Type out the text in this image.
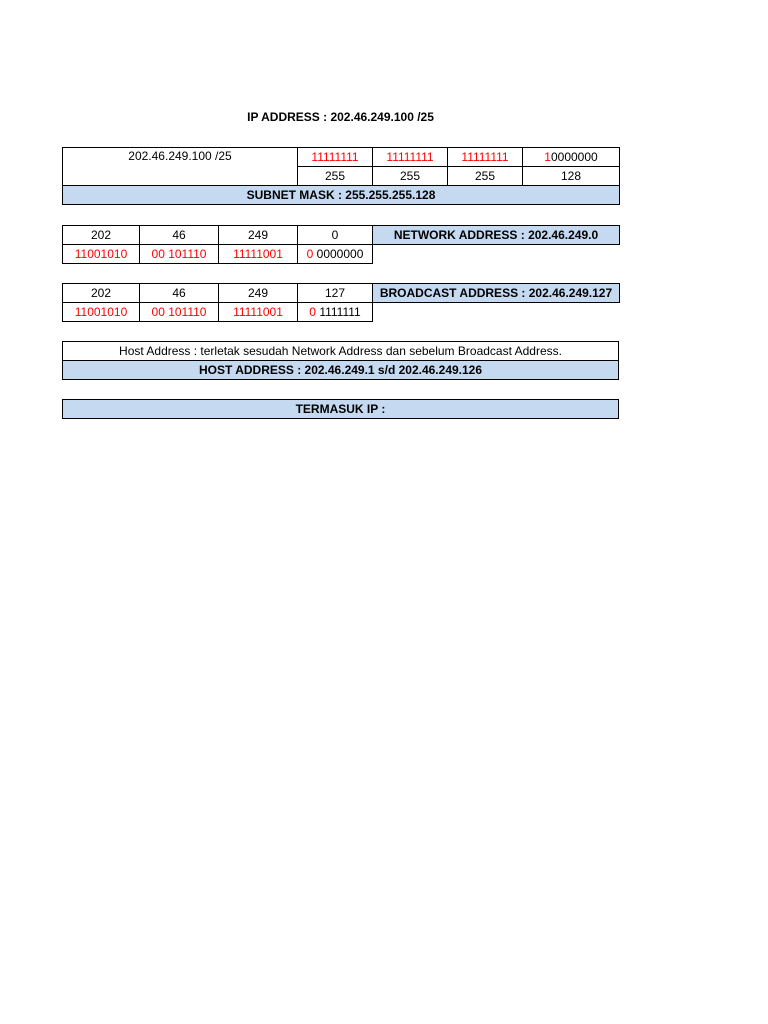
IP ADDRESS : 202.46.249.100 /25
202.46.249.100 /25	11111111	11111111	11111111	10000000
	255	255	255	128
SUBNET MASK : 255.255.255.128				
202	46	249	0	NETWORK ADDRESS : 202.46.249.0
11001010	00 101110	11111001	0 0000000	
202	46	249	127	BROADCAST ADDRESS : 202.46.249.127
11001010	00 101110	11111001	0 1111111	
Host Address : terletak sesudah Network Address dan sebelum Broadcast Address.
HOST ADDRESS : 202.46.249.1 s/d 202.46.249.126
TERMASUK IP :
